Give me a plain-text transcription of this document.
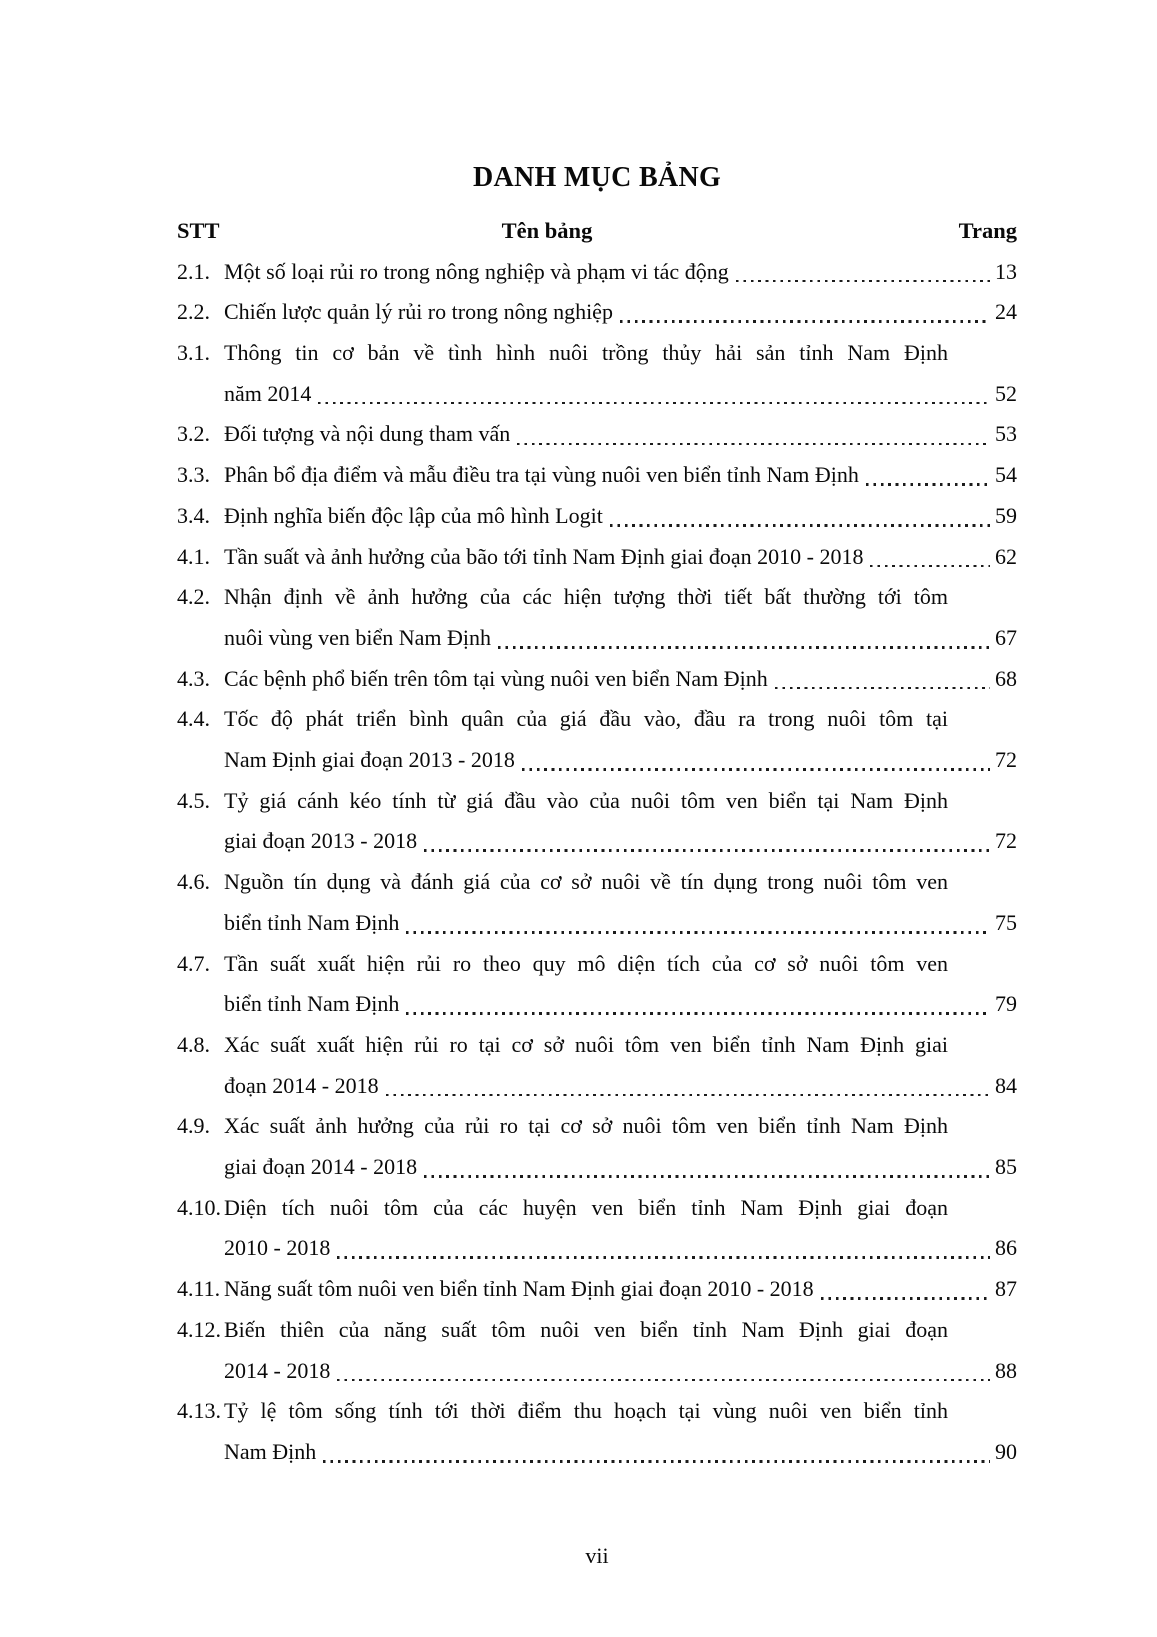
DANH MỤC BẢNG
STT	Tên bảng	Trang
2.1. Một số loại rủi ro trong nông nghiệp và phạm vi tác động	13
2.2. Chiến lược quản lý rủi ro trong nông nghiệp	24
3.1. Thông tin cơ bản về tình hình nuôi trồng thủy hải sản tỉnh Nam Định
năm 2014	52
3.2. Đối tượng và nội dung tham vấn	53
3.3. Phân bổ địa điểm và mẫu điều tra tại vùng nuôi ven biển tỉnh Nam Định	54
3.4. Định nghĩa biến độc lập của mô hình Logit	59
4.1. Tần suất và ảnh hưởng của bão tới tỉnh Nam Định giai đoạn 2010 - 2018	62
4.2. Nhận định về ảnh hưởng của các hiện tượng thời tiết bất thường tới tôm
nuôi vùng ven biển Nam Định	67
4.3. Các bệnh phổ biến trên tôm tại vùng nuôi ven biển Nam Định	68
4.4. Tốc độ phát triển bình quân của giá đầu vào, đầu ra trong nuôi tôm tại
Nam Định giai đoạn 2013 - 2018	72
4.5. Tỷ giá cánh kéo tính từ giá đầu vào của nuôi tôm ven biển tại Nam Định
giai đoạn 2013 - 2018	72
4.6. Nguồn tín dụng và đánh giá của cơ sở nuôi về tín dụng trong nuôi tôm ven
biển tỉnh Nam Định	75
4.7. Tần suất xuất hiện rủi ro theo quy mô diện tích của cơ sở nuôi tôm ven
biển tỉnh Nam Định	79
4.8. Xác suất xuất hiện rủi ro tại cơ sở nuôi tôm ven biển tỉnh Nam Định giai
đoạn 2014 - 2018	84
4.9. Xác suất ảnh hưởng của rủi ro tại cơ sở nuôi tôm ven biển tỉnh Nam Định
giai đoạn 2014 - 2018	85
4.10. Diện tích nuôi tôm của các huyện ven biển tỉnh Nam Định giai đoạn
2010 - 2018	86
4.11. Năng suất tôm nuôi ven biển tỉnh Nam Định giai đoạn 2010 - 2018	87
4.12. Biến thiên của năng suất tôm nuôi ven biển tỉnh Nam Định giai đoạn
2014 - 2018	88
4.13. Tỷ lệ tôm sống tính tới thời điểm thu hoạch tại vùng nuôi ven biển tỉnh
Nam Định	90
vii
